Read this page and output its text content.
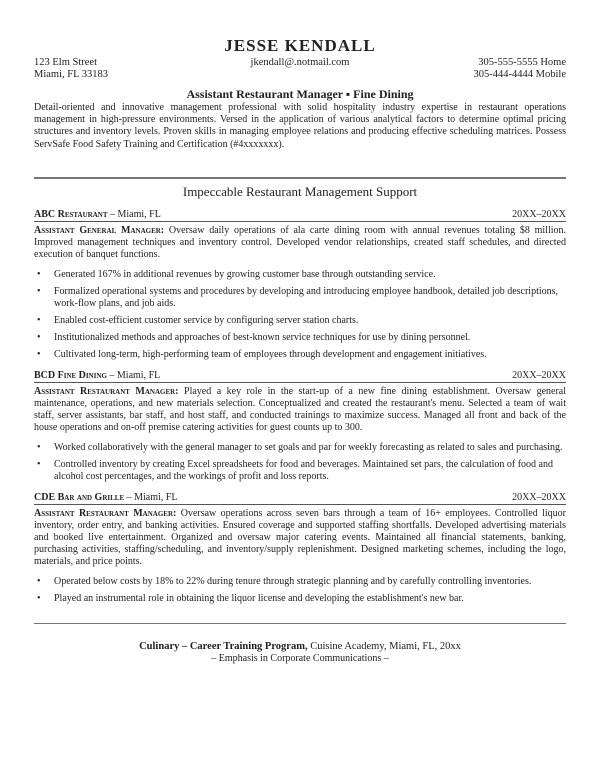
JESSE KENDALL
123 Elm Street
Miami, FL 33183
jkendall@.notmail.com	305-555-5555 Home
305-444-4444 Mobile
Assistant Restaurant Manager ▪ Fine Dining
Detail-oriented and innovative management professional with solid hospitality industry expertise in restaurant operations management in high-pressure environments. Versed in the application of various analytical factors to determine optimal pricing structures and inventory levels. Proven skills in managing employee relations and producing effective scheduling matrices. Possess ServSafe Food Safety Training and Certification (#4xxxxxxx).
Impeccable Restaurant Management Support
ABC Restaurant – Miami, FL	20XX–20XX
Assistant General Manager: Oversaw daily operations of ala carte dining room with annual revenues totaling $8 million. Improved management techniques and inventory control. Developed vendor relationships, created staff schedules, and directed execution of banquet functions.
• Generated 167% in additional revenues by growing customer base through outstanding service.
• Formalized operational systems and procedures by developing and introducing employee handbook, detailed job descriptions, work-flow plans, and job aids.
• Enabled cost-efficient customer service by configuring server station charts.
• Institutionalized methods and approaches of best-known service techniques for use by dining personnel.
• Cultivated long-term, high-performing team of employees through development and engagement initiatives.
BCD Fine Dining – Miami, FL	20XX–20XX
Assistant Restaurant Manager: Played a key role in the start-up of a new fine dining establishment. Oversaw general maintenance, operations, and new materials selection. Conceptualized and created the restaurant's menu. Selected a team of wait staff, server assistants, bar staff, and host staff, and conducted trainings to maximize success. Managed all front and back of the house operations and on-off premise catering activities for guest counts up to 300.
• Worked collaboratively with the general manager to set goals and par for weekly forecasting as related to sales and purchasing.
• Controlled inventory by creating Excel spreadsheets for food and beverages. Maintained set pars, the calculation of food and alcohol cost percentages, and the workings of profit and loss reports.
CDE Bar and Grille – Miami, FL	20XX–20XX
Assistant Restaurant Manager: Oversaw operations across seven bars through a team of 16+ employees. Controlled liquor inventory, order entry, and banking activities. Ensured coverage and supported staffing shortfalls. Developed advertising materials and booked live entertainment. Organized and oversaw major catering events. Maintained all financial statements, banking, purchasing activities, staffing/scheduling, and inventory/supply replenishment. Designed marketing schemes, including the logo, materials, and price points.
• Operated below costs by 18% to 22% during tenure through strategic planning and by carefully controlling inventories.
• Played an instrumental role in obtaining the liquor license and developing the establishment's new bar.
Culinary – Career Training Program, Cuisine Academy, Miami, FL, 20xx
– Emphasis in Corporate Communications –
